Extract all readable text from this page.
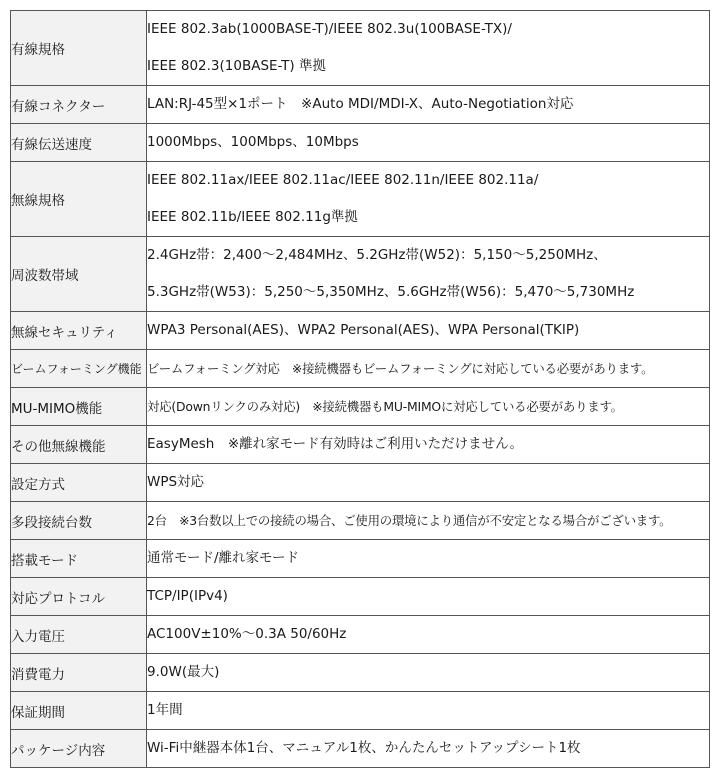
有線規格	IEEE 802.3ab(1000BASE-T)/IEEE 802.3u(100BASE-TX)/
IEEE 802.3(10BASE-T) 準拠

有線コネクター	LAN:RJ-45型×1ポート　※Auto MDI/MDI-X、Auto-Negotiation対応

有線伝送速度	1000Mbps、100Mbps、10Mbps

無線規格	IEEE 802.11ax/IEEE 802.11ac/IEEE 802.11n/IEEE 802.11a/
IEEE 802.11b/IEEE 802.11g準拠

周波数帯域	2.4GHz帯：2,400〜2,484MHz、5.2GHz帯(W52)：5,150〜5,250MHz、
5.3GHz帯(W53)：5,250〜5,350MHz、5.6GHz帯(W56)：5,470〜5,730MHz

無線セキュリティ	WPA3 Personal(AES)、WPA2 Personal(AES)、WPA Personal(TKIP)

ビームフォーミング機能	ビームフォーミング対応　※接続機器もビームフォーミングに対応している必要があります。

MU-MIMO機能	対応(Downリンクのみ対応)　※接続機器もMU-MIMOに対応している必要があります。

その他無線機能	EasyMesh　※離れ家モード有効時はご利用いただけません。

設定方式	WPS対応

多段接続台数	2台　※3台数以上での接続の場合、ご使用の環境により通信が不安定となる場合がございます。

搭載モード	通常モード/離れ家モード

対応プロトコル	TCP/IP(IPv4)

入力電圧	AC100V±10%〜0.3A 50/60Hz

消費電力	9.0W(最大)

保証期間	1年間

パッケージ内容	Wi-Fi中継器本体1台、マニュアル1枚、かんたんセットアップシート1枚
